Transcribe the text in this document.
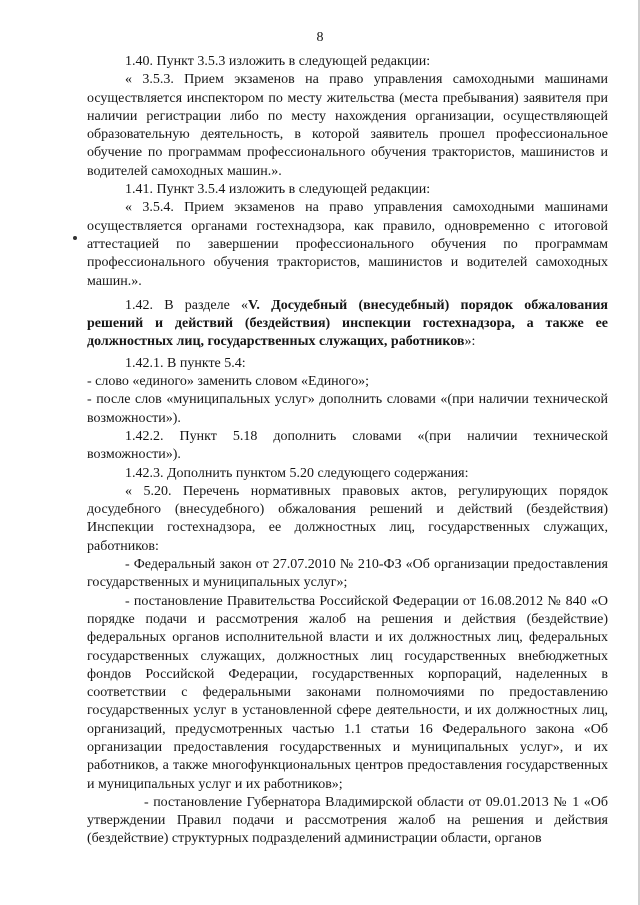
8

1.40. Пункт 3.5.3 изложить в следующей редакции:

« 3.5.3. Прием экзаменов на право управления самоходными машинами осуществляется инспектором по месту жительства (места пребывания) заявителя при наличии регистрации либо по месту нахождения организации, осуществляющей образовательную деятельность, в которой заявитель прошел профессиональное обучение по программам профессионального обучения трактористов, машинистов и водителей самоходных машин.».

1.41. Пункт 3.5.4 изложить в следующей редакции:

« 3.5.4. Прием экзаменов на право управления самоходными машинами осуществляется органами гостехнадзора, как правило, одновременно с итоговой аттестацией по завершении профессионального обучения по программам профессионального обучения трактористов, машинистов и водителей самоходных машин.».

1.42. В разделе «V. Досудебный (внесудебный) порядок обжалования решений и действий (бездействия) инспекции гостехнадзора, а также ее должностных лиц, государственных служащих, работников»:

1.42.1. В пункте 5.4:

- слово «единого» заменить словом «Единого»;

- после слов «муниципальных услуг» дополнить словами «(при наличии технической возможности»).

1.42.2. Пункт 5.18 дополнить словами «(при наличии технической возможности»).

1.42.3. Дополнить пунктом 5.20 следующего содержания:

« 5.20. Перечень нормативных правовых актов, регулирующих порядок досудебного (внесудебного) обжалования решений и действий (бездействия) Инспекции гостехнадзора, ее должностных лиц, государственных служащих, работников:

- Федеральный закон от 27.07.2010 № 210-ФЗ «Об организации предоставления государственных и муниципальных услуг»;

- постановление Правительства Российской Федерации от 16.08.2012 № 840 «О порядке подачи и рассмотрения жалоб на решения и действия (бездействие) федеральных органов исполнительной власти и их должностных лиц, федеральных государственных служащих, должностных лиц государственных внебюджетных фондов Российской Федерации, государственных корпораций, наделенных в соответствии с федеральными законами полномочиями по предоставлению государственных услуг в установленной сфере деятельности, и их должностных лиц, организаций, предусмотренных частью 1.1 статьи 16 Федерального закона «Об организации предоставления государственных и муниципальных услуг», и их работников, а также многофункциональных центров предоставления государственных и муниципальных услуг и их работников»;

- постановление Губернатора Владимирской области от 09.01.2013 № 1 «Об утверждении Правил подачи и рассмотрения жалоб на решения и действия (бездействие) структурных подразделений администрации области, органов
